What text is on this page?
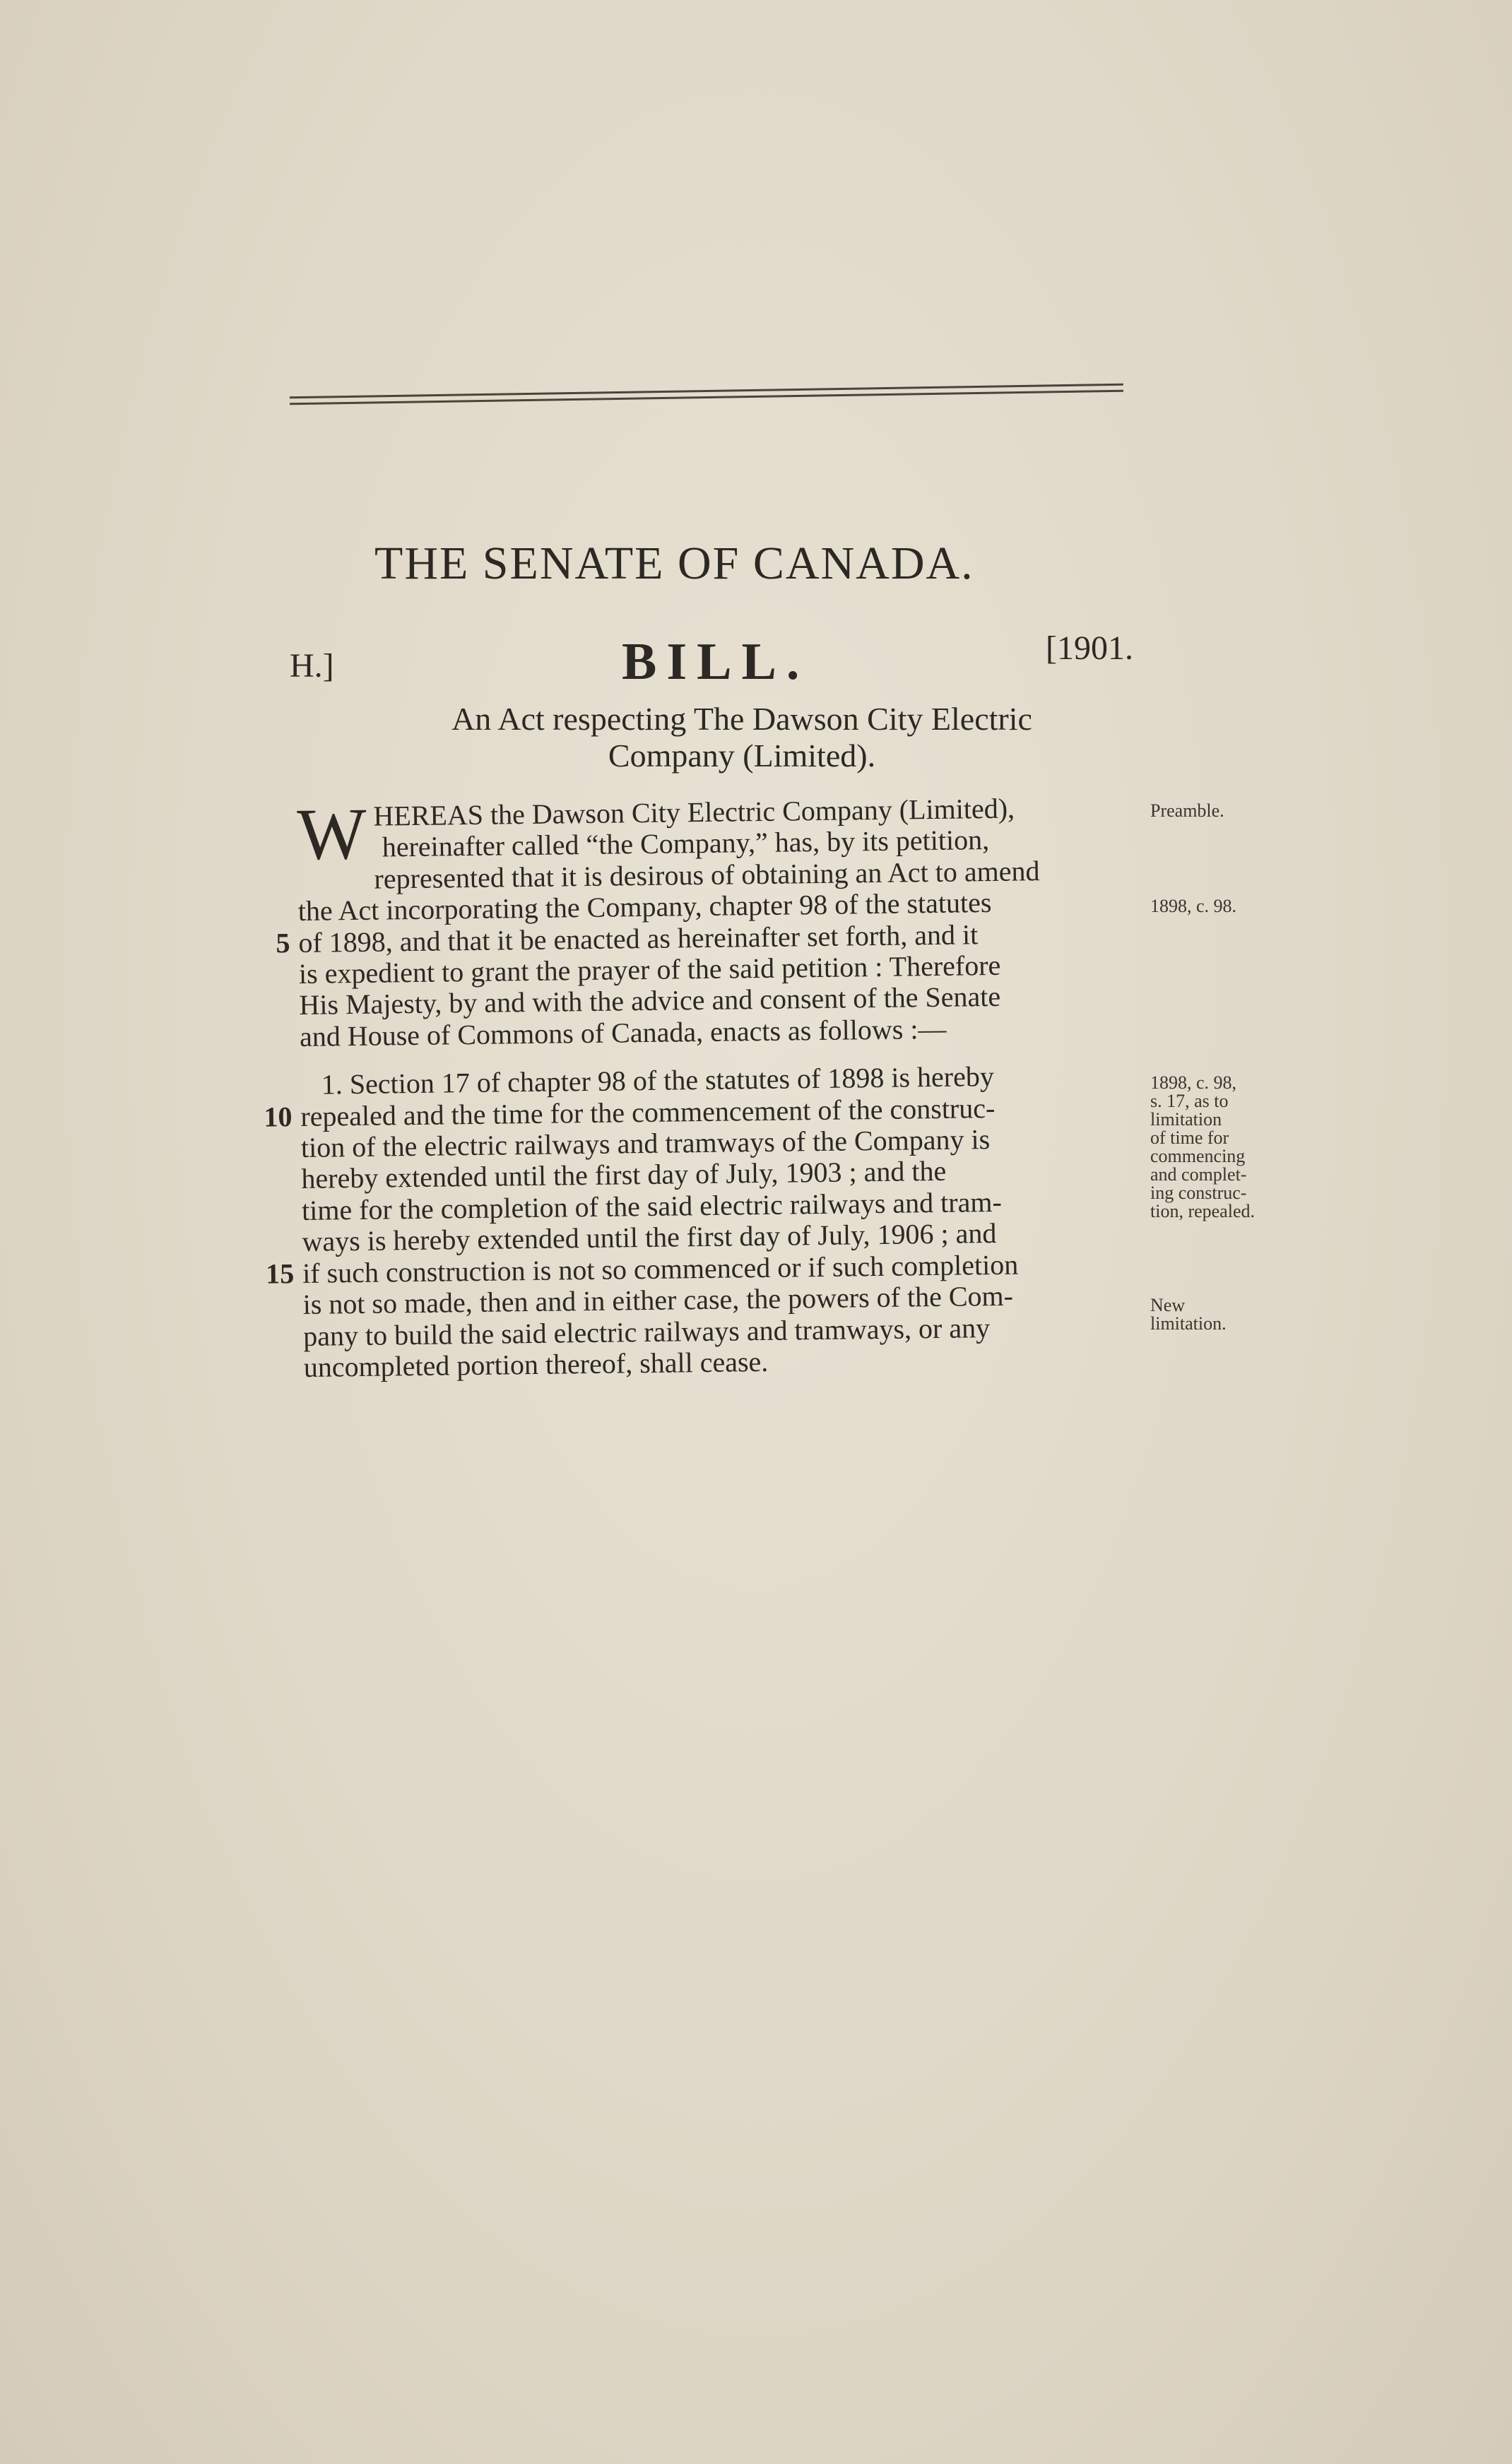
THE SENATE OF CANADA.
H.]	BILL.	[1901.
An Act respecting The Dawson City Electric
Company (Limited).
W HEREAS the Dawson City Electric Company (Limited),
hereinafter called “the Company,” has, by its petition,
represented that it is desirous of obtaining an Act to amend
the Act incorporating the Company, chapter 98 of the statutes
5 of 1898, and that it be enacted as hereinafter set forth, and it
is expedient to grant the prayer of the said petition : Therefore
His Majesty, by and with the advice and consent of the Senate
and House of Commons of Canada, enacts as follows :—
1. Section 17 of chapter 98 of the statutes of 1898 is hereby
10 repealed and the time for the commencement of the construc-
tion of the electric railways and tramways of the Company is
hereby extended until the first day of July, 1903 ; and the
time for the completion of the said electric railways and tram-
ways is hereby extended until the first day of July, 1906 ; and
15 if such construction is not so commenced or if such completion
is not so made, then and in either case, the powers of the Com-
pany to build the said electric railways and tramways, or any
uncompleted portion thereof, shall cease.
Preamble.
1898, c. 98.
1898, c. 98,
s. 17, as to
limitation
of time for
commencing
and complet-
ing construc-
tion, repealed.
New
limitation.
